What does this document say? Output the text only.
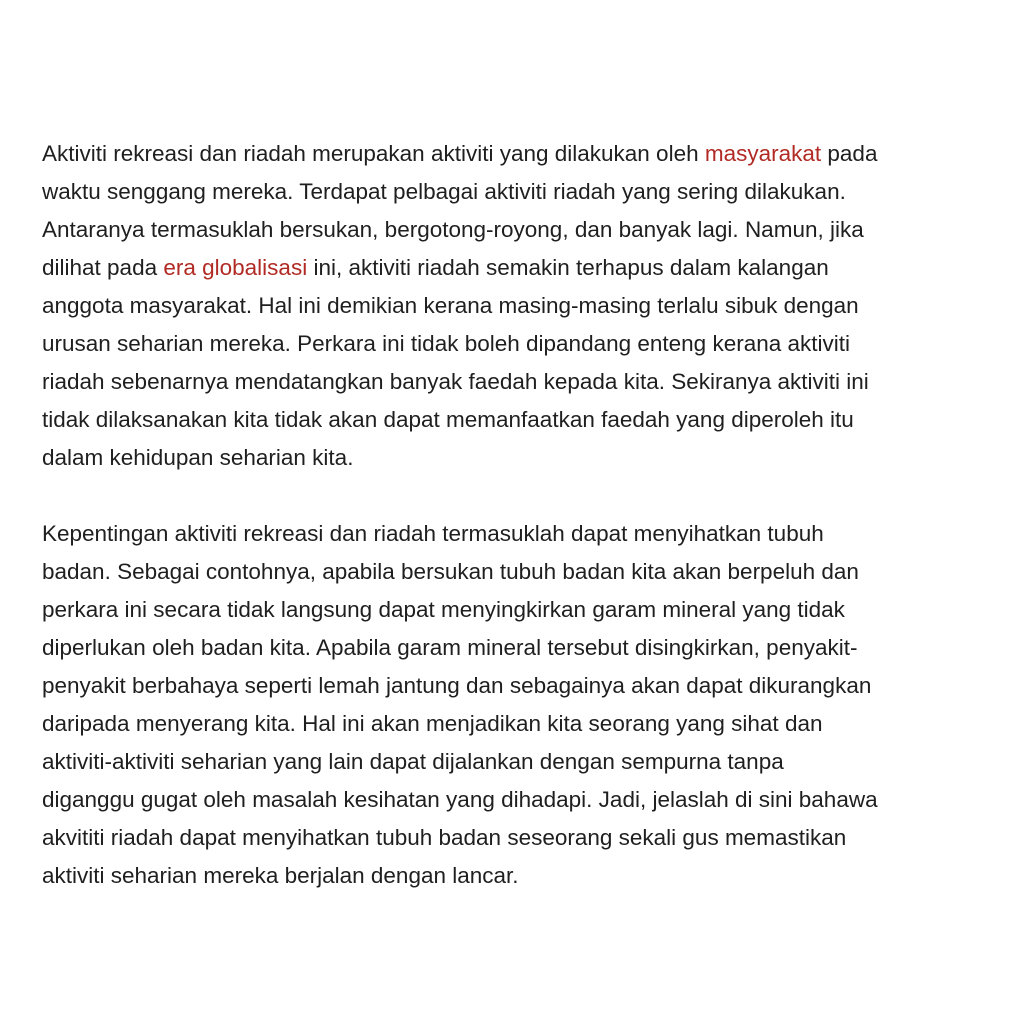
Aktiviti rekreasi dan riadah merupakan aktiviti yang dilakukan oleh masyarakat pada
waktu senggang mereka. Terdapat pelbagai aktiviti riadah yang sering dilakukan.
Antaranya termasuklah bersukan, bergotong-royong, dan banyak lagi. Namun, jika
dilihat pada era globalisasi ini, aktiviti riadah semakin terhapus dalam kalangan
anggota masyarakat. Hal ini demikian kerana masing-masing terlalu sibuk dengan
urusan seharian mereka. Perkara ini tidak boleh dipandang enteng kerana aktiviti
riadah sebenarnya mendatangkan banyak faedah kepada kita. Sekiranya aktiviti ini
tidak dilaksanakan kita tidak akan dapat memanfaatkan faedah yang diperoleh itu
dalam kehidupan seharian kita.

Kepentingan aktiviti rekreasi dan riadah termasuklah dapat menyihatkan tubuh
badan. Sebagai contohnya, apabila bersukan tubuh badan kita akan berpeluh dan
perkara ini secara tidak langsung dapat menyingkirkan garam mineral yang tidak
diperlukan oleh badan kita. Apabila garam mineral tersebut disingkirkan, penyakit-
penyakit berbahaya seperti lemah jantung dan sebagainya akan dapat dikurangkan
daripada menyerang kita. Hal ini akan menjadikan kita seorang yang sihat dan
aktiviti-aktiviti seharian yang lain dapat dijalankan dengan sempurna tanpa
diganggu gugat oleh masalah kesihatan yang dihadapi. Jadi, jelaslah di sini bahawa
akvititi riadah dapat menyihatkan tubuh badan seseorang sekali gus memastikan
aktiviti seharian mereka berjalan dengan lancar.
